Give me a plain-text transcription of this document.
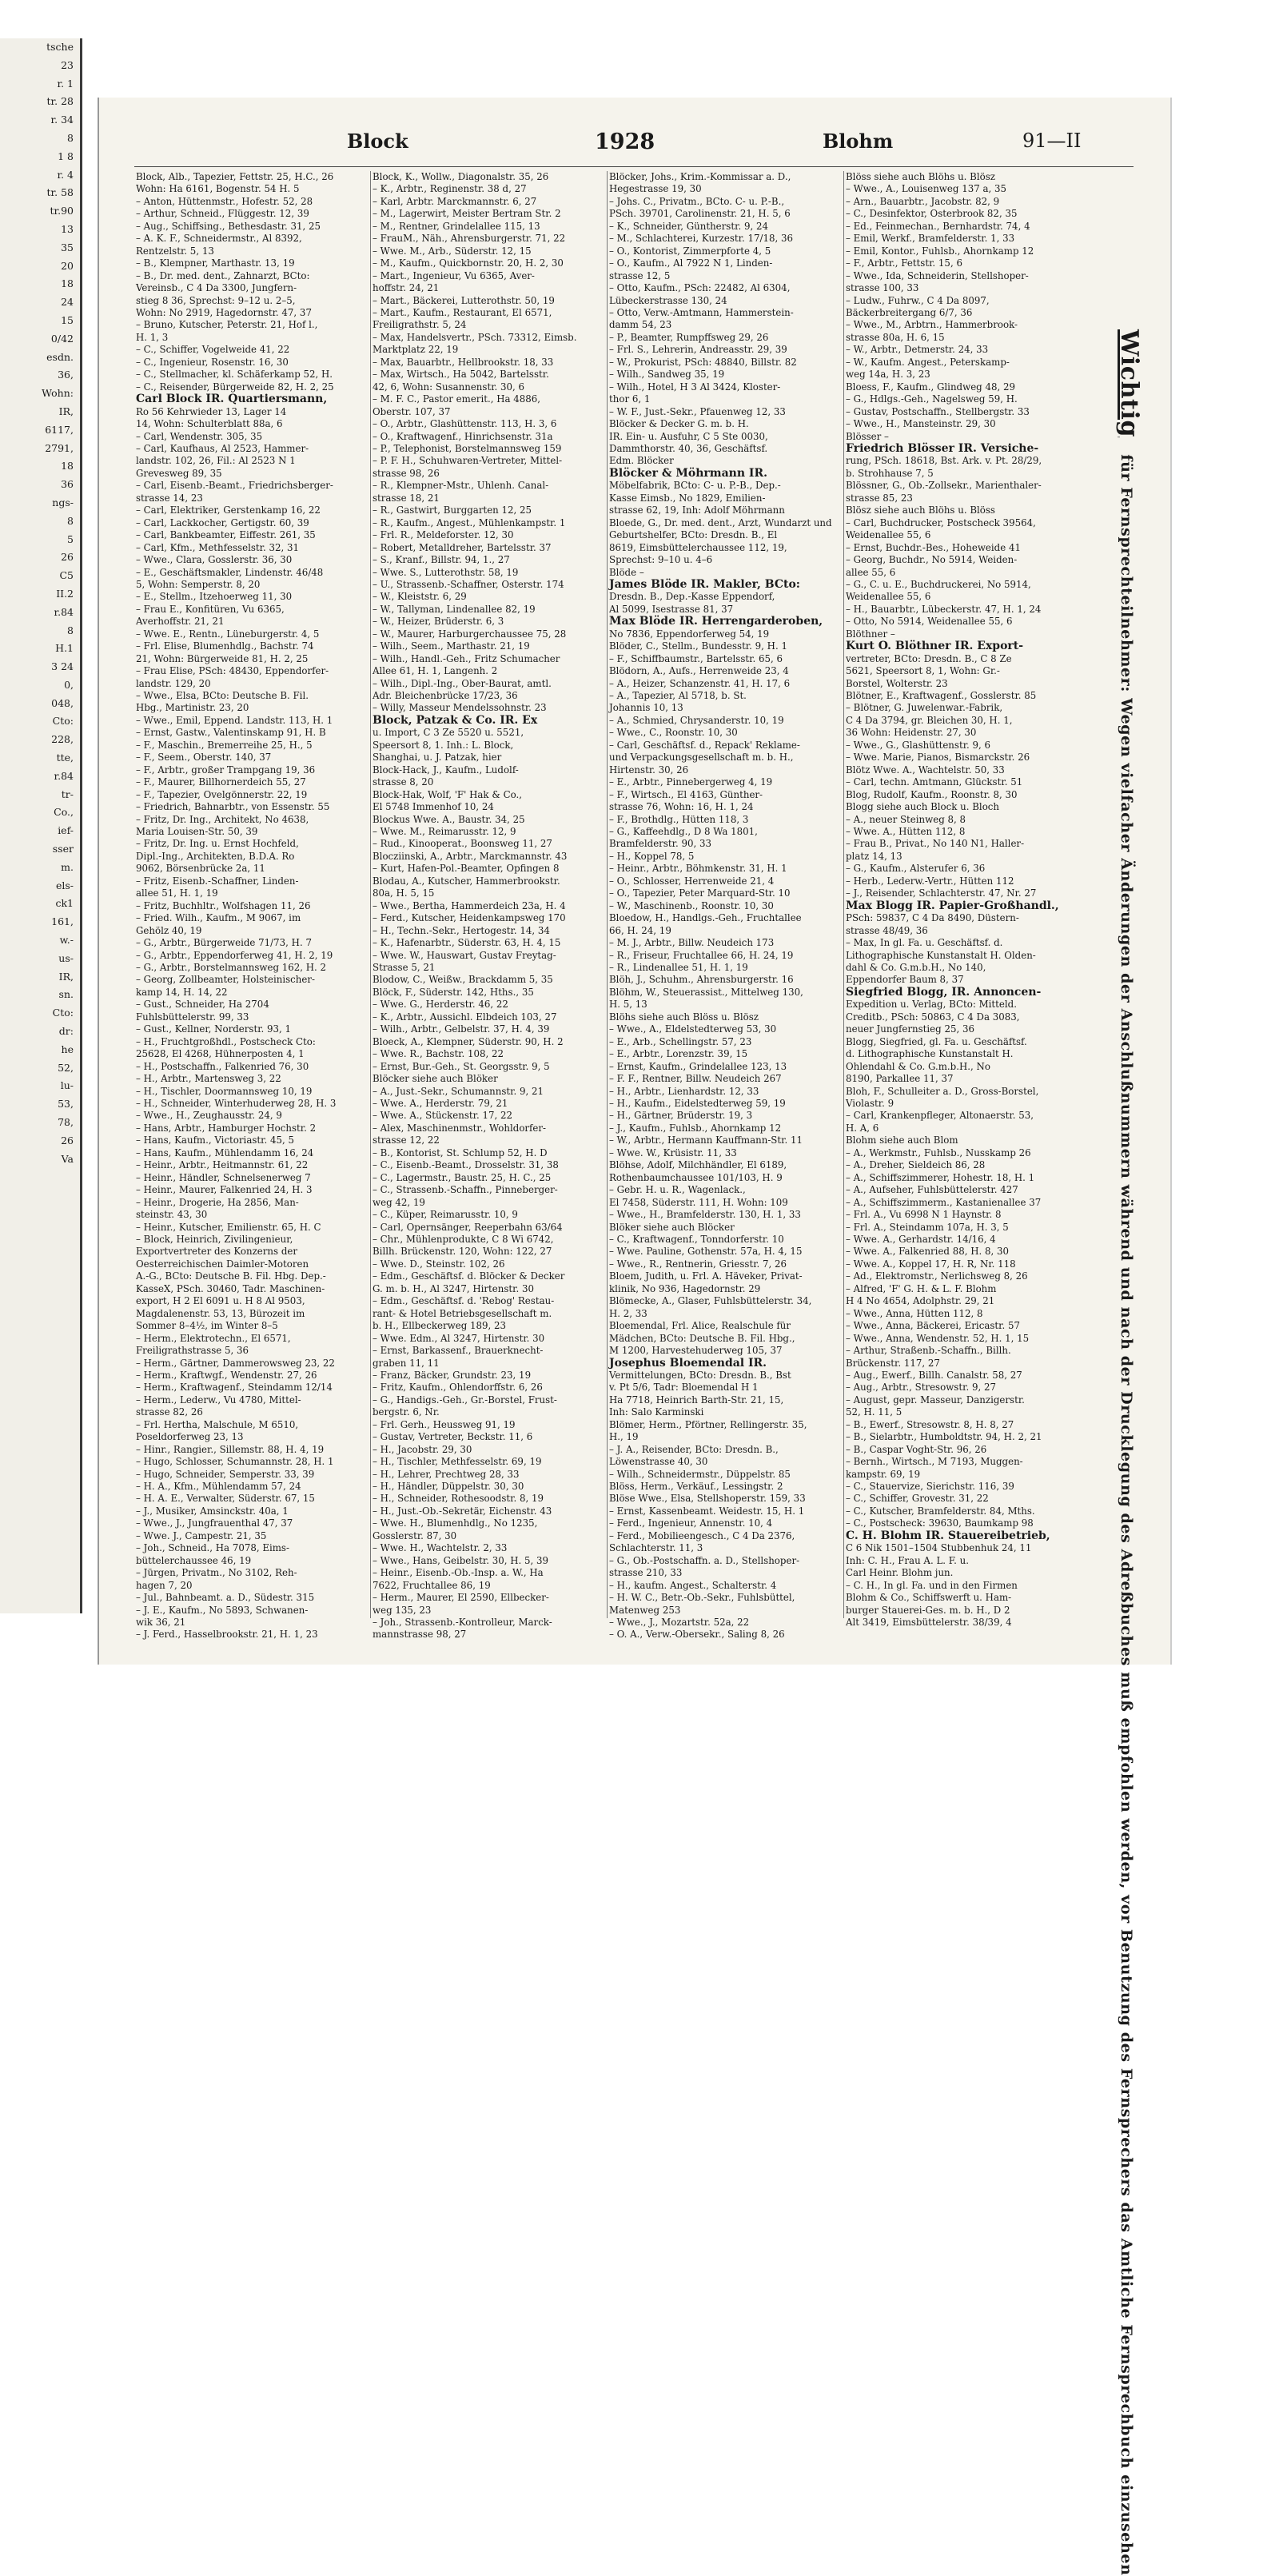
tsche
23
r. 1
tr. 28
r. 34
8
1 8
r. 4
tr. 58
tr.90
13
35
20
18
24
15
0/42
esdn.
36,
Wohn:
IR,
6117,
2791,
18
36
ngs-
8
5
26
C5
II.2
r.84
8
H.1
3 24
0,
048,
Cto:
228,
tte,
r.84
tr-
Co.,
ief-
sser
m.
els-
ck1
161,
w.-
us-
IR,
sn.
Cto:
dr:
he
52,
lu-
53,
78,
26
Va
Block	1928	Blohm	91—II
Block, Alb., Tapezier, Fettstr. 25, H.C., 26
Wohn: Ha 6161, Bogenstr. 54 H. 5
– Anton, Hüttenmstr., Hofestr. 52, 28
– Arthur, Schneid., Flüggestr. 12, 39
– Aug., Schiffsing., Bethesdastr. 31, 25
– A. K. F., Schneidermstr., Al 8392,
Rentzelstr. 5, 13
– B., Klempner, Marthastr. 13, 19
– B., Dr. med. dent., Zahnarzt, BCto:
Vereinsb., C 4 Da 3300, Jungfern-
stieg 8 36, Sprechst: 9–12 u. 2–5,
Wohn: No 2919, Hagedornstr. 47, 37
– Bruno, Kutscher, Peterstr. 21, Hof l.,
H. 1, 3
– C., Schiffer, Vogelweide 41, 22
– C., Ingenieur, Rosenstr. 16, 30
– C., Stellmacher, kl. Schäferkamp 52, H.
– C., Reisender, Bürgerweide 82, H. 2, 25
Carl Block IR. Quartiersmann,
Ro 56 Kehrwieder 13, Lager 14
14, Wohn: Schulterblatt 88a, 6
– Carl, Wendenstr. 305, 35
– Carl, Kaufhaus, Al 2523, Hammer-
landstr. 102, 26, Fil.: Al 2523 N 1
Grevesweg 89, 35
– Carl, Eisenb.-Beamt., Friedrichsberger-
strasse 14, 23
– Carl, Elektriker, Gerstenkamp 16, 22
– Carl, Lackkocher, Gertigstr. 60, 39
– Carl, Bankbeamter, Eiffestr. 261, 35
– Carl, Kfm., Methfesselstr. 32, 31
– Wwe., Clara, Gosslerstr. 36, 30
– E., Geschäftsmakler, Lindenstr. 46/48
5, Wohn: Semperstr. 8, 20
– E., Stellm., Itzehoerweg 11, 30
– Frau E., Konfitüren, Vu 6365,
Averhoffstr. 21, 21
– Wwe. E., Rentn., Lüneburgerstr. 4, 5
– Frl. Elise, Blumenhdlg., Bachstr. 74
21, Wohn: Bürgerweide 81, H. 2, 25
– Frau Elise, PSch: 48430, Eppendorfer-
landstr. 129, 20
– Wwe., Elsa, BCto: Deutsche B. Fil.
Hbg., Martinistr. 23, 20
– Wwe., Emil, Eppend. Landstr. 113, H. 1
– Ernst, Gastw., Valentinskamp 91, H. B
– F., Maschin., Bremerreihe 25, H., 5
– F., Seem., Oberstr. 140, 37
– F., Arbtr., großer Trampgang 19, 36
– F., Maurer, Billhornerdeich 55, 27
– F., Tapezier, Ovelgönnerstr. 22, 19
– Friedrich, Bahnarbtr., von Essenstr. 55
– Fritz, Dr. Ing., Architekt, No 4638,
Maria Louisen-Str. 50, 39
– Fritz, Dr. Ing. u. Ernst Hochfeld,
Dipl.-Ing., Architekten, B.D.A. Ro
9062, Börsenbrücke 2a, 11
– Fritz, Eisenb.-Schaffner, Linden-
allee 51, H. 1, 19
– Fritz, Buchhltr., Wolfshagen 11, 26
– Fried. Wilh., Kaufm., M 9067, im
Gehölz 40, 19
– G., Arbtr., Bürgerweide 71/73, H. 7
– G., Arbtr., Eppendorferweg 41, H. 2, 19
– G., Arbtr., Borstelmannsweg 162, H. 2
– Georg, Zollbeamter, Holsteinischer-
kamp 14, H. 14, 22
– Gust., Schneider, Ha 2704
Fuhlsbüttelerstr. 99, 33
– Gust., Kellner, Norderstr. 93, 1
– H., Fruchtgroßhdl., Postscheck Cto:
25628, El 4268, Hühnerposten 4, 1
– H., Postschaffn., Falkenried 76, 30
– H., Arbtr., Martensweg 3, 22
– H., Tischler, Doormannsweg 10, 19
– H., Schneider, Winterhuderweg 28, H. 3
– Wwe., H., Zeughausstr. 24, 9
– Hans, Arbtr., Hamburger Hochstr. 2
– Hans, Kaufm., Victoriastr. 45, 5
– Hans, Kaufm., Mühlendamm 16, 24
– Heinr., Arbtr., Heitmannstr. 61, 22
– Heinr., Händler, Schnelsenerweg 7
– Heinr., Maurer, Falkenried 24, H. 3
– Heinr., Drogerie, Ha 2856, Man-
steinstr. 43, 30
– Heinr., Kutscher, Emilienstr. 65, H. C
– Block, Heinrich, Zivilingenieur,
Exportvertreter des Konzerns der
Oesterreichischen Daimler-Motoren
A.-G., BCto: Deutsche B. Fil. Hbg. Dep.-
KasseX, PSch. 30460, Tadr. Maschinen-
export, H 2 El 6091 u. H 8 Al 9503,
Magdalenenstr. 53, 13, Bürozeit im
Sommer 8–4½, im Winter 8–5
– Herm., Elektrotechn., El 6571,
Freiligrathstrasse 5, 36
– Herm., Gärtner, Dammerowsweg 23, 22
– Herm., Kraftwgf., Wendenstr. 27, 26
– Herm., Kraftwagenf., Steindamm 12/14
– Herm., Lederw., Vu 4780, Mittel-
strasse 82, 26
– Frl. Hertha, Malschule, M 6510,
Poseldorferweg 23, 13
– Hinr., Rangier., Sillemstr. 88, H. 4, 19
– Hugo, Schlosser, Schumannstr. 28, H. 1
– Hugo, Schneider, Semperstr. 33, 39
– H. A., Kfm., Mühlendamm 57, 24
– H. A. E., Verwalter, Süderstr. 67, 15
– J., Musiker, Amsinckstr. 40a, 1
– Wwe., J., Jungfrauenthal 47, 37
– Wwe. J., Campestr. 21, 35
– Joh., Schneid., Ha 7078, Eims-
büttelerchaussee 46, 19
– Jürgen, Privatm., No 3102, Reh-
hagen 7, 20
– Jul., Bahnbeamt. a. D., Südestr. 315
– J. E., Kaufm., No 5893, Schwanen-
wik 36, 21
– J. Ferd., Hasselbrookstr. 21, H. 1, 23
Block, K., Wollw., Diagonalstr. 35, 26
– K., Arbtr., Reginenstr. 38 d, 27
– Karl, Arbtr. Marckmannstr. 6, 27
– M., Lagerwirt, Meister Bertram Str. 2
– M., Rentner, Grindelallee 115, 13
– FrauM., Näh., Ahrensburgerstr. 71, 22
– Wwe. M., Arb., Süderstr. 12, 15
– M., Kaufm., Quickbornstr. 20, H. 2, 30
– Mart., Ingenieur, Vu 6365, Aver-
hoffstr. 24, 21
– Mart., Bäckerei, Lutterothstr. 50, 19
– Mart., Kaufm., Restaurant, El 6571,
Freiligrathstr. 5, 24
– Max, Handelsvertr., PSch. 73312, Eimsb.
Marktplatz 22, 19
– Max, Bauarbtr., Hellbrookstr. 18, 33
– Max, Wirtsch., Ha 5042, Bartelsstr.
42, 6, Wohn: Susannenstr. 30, 6
– M. F. C., Pastor emerit., Ha 4886,
Oberstr. 107, 37
– O., Arbtr., Glashüttenstr. 113, H. 3, 6
– O., Kraftwagenf., Hinrichsenstr. 31a
– P., Telephonist, Borstelmannsweg 159
– P. F. H., Schuhwaren-Vertreter, Mittel-
strasse 98, 26
– R., Klempner-Mstr., Uhlenh. Canal-
strasse 18, 21
– R., Gastwirt, Burggarten 12, 25
– R., Kaufm., Angest., Mühlenkampstr. 1
– Frl. R., Meldeforster. 12, 30
– Robert, Metalldreher, Bartelsstr. 37
– S., Kranf., Billstr. 94, 1., 27
– Wwe. S., Lutterothstr. 58, 19
– U., Strassenb.-Schaffner, Osterstr. 174
– W., Kleiststr. 6, 29
– W., Tallyman, Lindenallee 82, 19
– W., Heizer, Brüderstr. 6, 3
– W., Maurer, Harburgerchaussee 75, 28
– Wilh., Seem., Marthastr. 21, 19
– Wilh., Handl.-Geh., Fritz Schumacher
Allee 61, H. 1, Langenh. 2
– Wilh., Dipl.-Ing., Ober-Baurat, amtl.
Adr. Bleichenbrücke 17/23, 36
– Willy, Masseur Mendelssohnstr. 23
Block, Patzak & Co. IR. Ex
u. Import, C 3 Ze 5520 u. 5521,
Speersort 8, 1. Inh.: L. Block,
Shanghai, u. J. Patzak, hier
Block-Hack, J., Kaufm., Ludolf-
strasse 8, 20
Block-Hak, Wolf, 'F' Hak & Co.,
El 5748 Immenhof 10, 24
Blockus Wwe. A., Baustr. 34, 25
– Wwe. M., Reimarusstr. 12, 9
– Rud., Kinooperat., Boonsweg 11, 27
Blocziinski, A., Arbtr., Marckmannstr. 43
– Kurt, Hafen-Pol.-Beamter, Opfingen 8
Blodau, A., Kutscher, Hammerbrookstr.
80a, H. 5, 15
– Wwe., Bertha, Hammerdeich 23a, H. 4
– Ferd., Kutscher, Heidenkampsweg 170
– H., Techn.-Sekr., Hertogestr. 14, 34
– K., Hafenarbtr., Süderstr. 63, H. 4, 15
– Wwe. W., Hauswart, Gustav Freytag-
Strasse 5, 21
Blodow, C., Weißw., Brackdamm 5, 35
Blöck, F., Süderstr. 142, Hths., 35
– Wwe. G., Herderstr. 46, 22
– K., Arbtr., Aussichl. Elbdeich 103, 27
– Wilh., Arbtr., Gelbelstr. 37, H. 4, 39
Bloeck, A., Klempner, Süderstr. 90, H. 2
– Wwe. R., Bachstr. 108, 22
– Ernst, Bur.-Geh., St. Georgsstr. 9, 5
Blöcker siehe auch Blöker
– A., Just.-Sekr., Schumannstr. 9, 21
– Wwe. A., Herderstr. 79, 21
– Wwe. A., Stückenstr. 17, 22
– Alex, Maschinenmstr., Wohldorfer-
strasse 12, 22
– B., Kontorist, St. Schlump 52, H. D
– C., Eisenb.-Beamt., Drosselstr. 31, 38
– C., Lagermstr., Baustr. 25, H. C., 25
– C., Strassenb.-Schaffn., Pinneberger-
weg 42, 19
– C., Küper, Reimarusstr. 10, 9
– Carl, Opernsänger, Reeperbahn 63/64
– Chr., Mühlenprodukte, C 8 Wi 6742,
Billh. Brückenstr. 120, Wohn: 122, 27
– Wwe. D., Steinstr. 102, 26
– Edm., Geschäftsf. d. Blöcker & Decker
G. m. b. H., Al 3247, Hirtenstr. 30
– Edm., Geschäftsf. d. 'Rebog' Restau-
rant- & Hotel Betriebsgesellschaft m.
b. H., Ellbeckerweg 189, 23
– Wwe. Edm., Al 3247, Hirtenstr. 30
– Ernst, Barkassenf., Brauerknecht-
graben 11, 11
– Franz, Bäcker, Grundstr. 23, 19
– Fritz, Kaufm., Ohlendorffstr. 6, 26
– G., Handigs.-Geh., Gr.-Borstel, Frust-
bergstr. 6, Nr.
– Frl. Gerh., Heussweg 91, 19
– Gustav, Vertreter, Beckstr. 11, 6
– H., Jacobstr. 29, 30
– H., Tischler, Methfesselstr. 69, 19
– H., Lehrer, Prechtweg 28, 33
– H., Händler, Düppelstr. 30, 30
– H., Schneider, Rothesoodstr. 8, 19
– H., Just.-Ob.-Sekretär, Eichenstr. 43
– Wwe. H., Blumenhdlg., No 1235,
Gosslerstr. 87, 30
– Wwe. H., Wachtelstr. 2, 33
– Wwe., Hans, Geibelstr. 30, H. 5, 39
– Heinr., Eisenb.-Ob.-Insp. a. W., Ha
7622, Fruchtallee 86, 19
– Herm., Maurer, El 2590, Ellbecker-
weg 135, 23
– Joh., Strassenb.-Kontrolleur, Marck-
mannstrasse 98, 27
Blöcker, Johs., Krim.-Kommissar a. D.,
Hegestrasse 19, 30
– Johs. C., Privatm., BCto. C- u. P.-B.,
PSch. 39701, Carolinenstr. 21, H. 5, 6
– K., Schneider, Güntherstr. 9, 24
– M., Schlachterei, Kurzestr. 17/18, 36
– O., Kontorist, Zimmerpforte 4, 5
– O., Kaufm., Al 7922 N 1, Linden-
strasse 12, 5
– Otto, Kaufm., PSch: 22482, Al 6304,
Lübeckerstrasse 130, 24
– Otto, Verw.-Amtmann, Hammerstein-
damm 54, 23
– P., Beamter, Rumpffsweg 29, 26
– Frl. S., Lehrerin, Andreasstr. 29, 39
– W., Prokurist, PSch: 48840, Billstr. 82
– Wilh., Sandweg 35, 19
– Wilh., Hotel, H 3 Al 3424, Kloster-
thor 6, 1
– W. F., Just.-Sekr., Pfauenweg 12, 33
Blöcker & Decker G. m. b. H.
IR. Ein- u. Ausfuhr, C 5 Ste 0030,
Dammthorstr. 40, 36, Geschäftsf.
Edm. Blöcker
Blöcker & Möhrmann IR.
Möbelfabrik, BCto: C- u. P.-B., Dep.-
Kasse Eimsb., No 1829, Emilien-
strasse 62, 19, Inh: Adolf Möhrmann
Bloede, G., Dr. med. dent., Arzt, Wundarzt und
Geburtshelfer, BCto: Dresdn. B., El
8619, Eimsbüttelerchaussee 112, 19,
Sprechst: 9–10 u. 4–6
Blöde –
James Blöde IR. Makler, BCto:
Dresdn. B., Dep.-Kasse Eppendorf,
Al 5099, Isestrasse 81, 37
Max Blöde IR. Herrengarderoben,
No 7836, Eppendorferweg 54, 19
Blöder, C., Stellm., Bundesstr. 9, H. 1
– F., Schiffbaumstr., Bartelsstr. 65, 6
Blödorn, A., Aufs., Herrenweide 23, 4
– A., Heizer, Schanzenstr. 41, H. 17, 6
– A., Tapezier, Al 5718, b. St.
Johannis 10, 13
– A., Schmied, Chrysanderstr. 10, 19
– Wwe., C., Roonstr. 10, 30
– Carl, Geschäftsf. d., Repack' Reklame-
und Verpackungsgesellschaft m. b. H.,
Hirtenstr. 30, 26
– E., Arbtr., Pinnebergerweg 4, 19
– F., Wirtsch., El 4163, Günther-
strasse 76, Wohn: 16, H. 1, 24
– F., Brothdlg., Hütten 118, 3
– G., Kaffeehdlg., D 8 Wa 1801,
Bramfelderstr. 90, 33
– H., Koppel 78, 5
– Heinr., Arbtr., Böhmkenstr. 31, H. 1
– O., Schlosser, Herrenweide 21, 4
– O., Tapezier, Peter Marquard-Str. 10
– W., Maschinenb., Roonstr. 10, 30
Bloedow, H., Handlgs.-Geh., Fruchtallee
66, H. 24, 19
– M. J., Arbtr., Billw. Neudeich 173
– R., Friseur, Fruchtallee 66, H. 24, 19
– R., Lindenallee 51, H. 1, 19
Blöh, J., Schuhm., Ahrensburgerstr. 16
Blöhm, W., Steuerassist., Mittelweg 130,
H. 5, 13
Blöhs siehe auch Blöss u. Blösz
– Wwe., A., Eldelstedterweg 53, 30
– E., Arb., Schellingstr. 57, 23
– E., Arbtr., Lorenzstr. 39, 15
– Ernst, Kaufm., Grindelallee 123, 13
– F. F., Rentner, Billw. Neudeich 267
– H., Arbtr., Lienhardstr. 12, 33
– H., Kaufm., Eidelstedterweg 59, 19
– H., Gärtner, Brüderstr. 19, 3
– J., Kaufm., Fuhlsb., Ahornkamp 12
– W., Arbtr., Hermann Kauffmann-Str. 11
– Wwe. W., Krüsistr. 11, 33
Blöhse, Adolf, Milchhändler, El 6189,
Rothenbaumchaussee 101/103, H. 9
– Gebr. H. u. R., Wagenlack.,
El 7458, Süderstr. 111, H. Wohn: 109
– Wwe., H., Bramfelderstr. 130, H. 1, 33
Blöker siehe auch Blöcker
– C., Kraftwagenf., Tonndorferstr. 10
– Wwe. Pauline, Gothenstr. 57a, H. 4, 15
– Wwe., R., Rentnerin, Griesstr. 7, 26
Bloem, Judith, u. Frl. A. Häveker, Privat-
klinik, No 936, Hagedornstr. 29
Blömecke, A., Glaser, Fuhlsbüttelerstr. 34,
H. 2, 33
Bloemendal, Frl. Alice, Realschule für
Mädchen, BCto: Deutsche B. Fil. Hbg.,
M 1200, Harvestehuderweg 105, 37
Josephus Bloemendal IR.
Vermittelungen, BCto: Dresdn. B., Bst
v. Pt 5/6, Tadr: Bloemendal H 1
Ha 7718, Heinrich Barth-Str. 21, 15,
Inh: Salo Karminski
Blömer, Herm., Pförtner, Rellingerstr. 35,
H., 19
– J. A., Reisender, BCto: Dresdn. B.,
Löwenstrasse 40, 30
– Wilh., Schneidermstr., Düppelstr. 85
Blöss, Herm., Verkäuf., Lessingstr. 2
Blöse Wwe., Elsa, Stellshoperstr. 159, 33
– Ernst, Kassenbeamt. Weidestr. 15, H. 1
– Ferd., Ingenieur, Annenstr. 10, 4
– Ferd., Mobilieengesch., C 4 Da 2376,
Schlachterstr. 11, 3
– G., Ob.-Postschaffn. a. D., Stellshoper-
strasse 210, 33
– H., kaufm. Angest., Schalterstr. 4
– H. W. C., Betr.-Ob.-Sekr., Fuhlsbüttel,
Matenweg 253
– Wwe., J., Mozartstr. 52a, 22
– O. A., Verw.-Obersekr., Saling 8, 26
Blöss siehe auch Blöhs u. Blösz
– Wwe., A., Louisenweg 137 a, 35
– Arn., Bauarbtr., Jacobstr. 82, 9
– C., Desinfektor, Osterbrook 82, 35
– Ed., Feinmechan., Bernhardstr. 74, 4
– Emil, Werkf., Bramfelderstr. 1, 33
– Emil, Kontor., Fuhlsb., Ahornkamp 12
– F., Arbtr., Fettstr. 15, 6
– Wwe., Ida, Schneiderin, Stellshoper-
strasse 100, 33
– Ludw., Fuhrw., C 4 Da 8097,
Bäckerbreitergang 6/7, 36
– Wwe., M., Arbtrn., Hammerbrook-
strasse 80a, H. 6, 15
– W., Arbtr., Detmerstr. 24, 33
– W., Kaufm. Angest., Peterskamp-
weg 14a, H. 3, 23
Bloess, F., Kaufm., Glindweg 48, 29
– G., Hdlgs.-Geh., Nagelsweg 59, H.
– Gustav, Postschaffn., Stellbergstr. 33
– Wwe., H., Mansteinstr. 29, 30
Blösser –
Friedrich Blösser IR. Versiche-
rung, PSch. 18618, Bst. Ark. v. Pt. 28/29,
b. Strohhause 7, 5
Blössner, G., Ob.-Zollsekr., Marienthaler-
strasse 85, 23
Blösz siehe auch Blöhs u. Blöss
– Carl, Buchdrucker, Postscheck 39564,
Weidenallee 55, 6
– Ernst, Buchdr.-Bes., Hoheweide 41
– Georg, Buchdr., No 5914, Weiden-
allee 55, 6
– G., C. u. E., Buchdruckerei, No 5914,
Weidenallee 55, 6
– H., Bauarbtr., Lübeckerstr. 47, H. 1, 24
– Otto, No 5914, Weidenallee 55, 6
Blöthner –
Kurt O. Blöthner IR. Export-
vertreter, BCto: Dresdn. B., C 8 Ze
5621, Speersort 8, 1, Wohn: Gr.-
Borstel, Wolterstr. 23
Blötner, E., Kraftwagenf., Gosslerstr. 85
– Blötner, G. Juwelenwar.-Fabrik,
C 4 Da 3794, gr. Bleichen 30, H. 1,
36 Wohn: Heidenstr. 27, 30
– Wwe., G., Glashüttenstr. 9, 6
– Wwe. Marie, Pianos, Bismarckstr. 26
Blötz Wwe. A., Wachtelstr. 50, 33
– Carl, techn. Amtmann, Glückstr. 51
Blog, Rudolf, Kaufm., Roonstr. 8, 30
Blogg siehe auch Block u. Bloch
– A., neuer Steinweg 8, 8
– Wwe. A., Hütten 112, 8
– Frau B., Privat., No 140 N1, Haller-
platz 14, 13
– G., Kaufm., Alsterufer 6, 36
– Herb., Lederw.-Vertr., Hütten 112
– J., Reisender, Schlachterstr. 47, Nr. 27
Max Blogg IR. Papier-Großhandl.,
PSch: 59837, C 4 Da 8490, Düstern-
strasse 48/49, 36
– Max, In gl. Fa. u. Geschäftsf. d.
Lithographische Kunstanstalt H. Olden-
dahl & Co. G.m.b.H., No 140,
Eppendorfer Baum 8, 37
Siegfried Blogg, IR. Annoncen-
Expedition u. Verlag, BCto: Mitteld.
Creditb., PSch: 50863, C 4 Da 3083,
neuer Jungfernstieg 25, 36
Blogg, Siegfried, gl. Fa. u. Geschäftsf.
d. Lithographische Kunstanstalt H.
Ohlendahl & Co. G.m.b.H., No
8190, Parkallee 11, 37
Bloh, F., Schulleiter a. D., Gross-Borstel,
Violastr. 9
– Carl, Krankenpfleger, Altonaerstr. 53,
H. A, 6
Blohm siehe auch Blom
– A., Werkmstr., Fuhlsb., Nusskamp 26
– A., Dreher, Sieldeich 86, 28
– A., Schiffszimmerer, Hohestr. 18, H. 1
– A., Aufseher, Fuhlsbüttelerstr. 427
– A., Schiffszimmerm., Kastanienallee 37
– Frl. A., Vu 6998 N 1 Haynstr. 8
– Frl. A., Steindamm 107a, H. 3, 5
– Wwe. A., Gerhardstr. 14/16, 4
– Wwe. A., Falkenried 88, H. 8, 30
– Wwe. A., Koppel 17, H. R, Nr. 118
– Ad., Elektromstr., Nerlichsweg 8, 26
– Alfred, 'F' G. H. & L. F. Blohm
H 4 No 4654, Adolphstr. 29, 21
– Wwe., Anna, Hütten 112, 8
– Wwe., Anna, Bäckerei, Ericastr. 57
– Wwe., Anna, Wendenstr. 52, H. 1, 15
– Arthur, Straßenb.-Schaffn., Billh.
Brückenstr. 117, 27
– Aug., Ewerf., Billh. Canalstr. 58, 27
– Aug., Arbtr., Stresowstr. 9, 27
– August, gepr. Masseur, Danzigerstr.
52, H. 11, 5
– B., Ewerf., Stresowstr. 8, H. 8, 27
– B., Sielarbtr., Humboldtstr. 94, H. 2, 21
– B., Caspar Voght-Str. 96, 26
– Bernh., Wirtsch., M 7193, Muggen-
kampstr. 69, 19
– C., Stauervize, Sierichstr. 116, 39
– C., Schiffer, Grovestr. 31, 22
– C., Kutscher, Bramfelderstr. 84, Mths.
– C., Postscheck: 39630, Baumkamp 98
C. H. Blohm IR. Stauereibetrieb,
C 6 Nik 1501–1504 Stubbenhuk 24, 11
Inh: C. H., Frau A. L. F. u.
Carl Heinr. Blohm jun.
– C. H., In gl. Fa. und in den Firmen
Blohm & Co., Schiffswerft u. Ham-
burger Stauerei-Ges. m. b. H., D 2
Alt 3419, Eimsbüttelerstr. 38/39, 4
Wichtig für Fernsprechteilnehmer: Wegen vielfacher Änderungen der Anschlußnummern während und nach der Drucklegung des Adreßbuches muß empfohlen werden, vor Benutzung des Fernsprechers das Amtliche Fernsprechbuch einzusehen
